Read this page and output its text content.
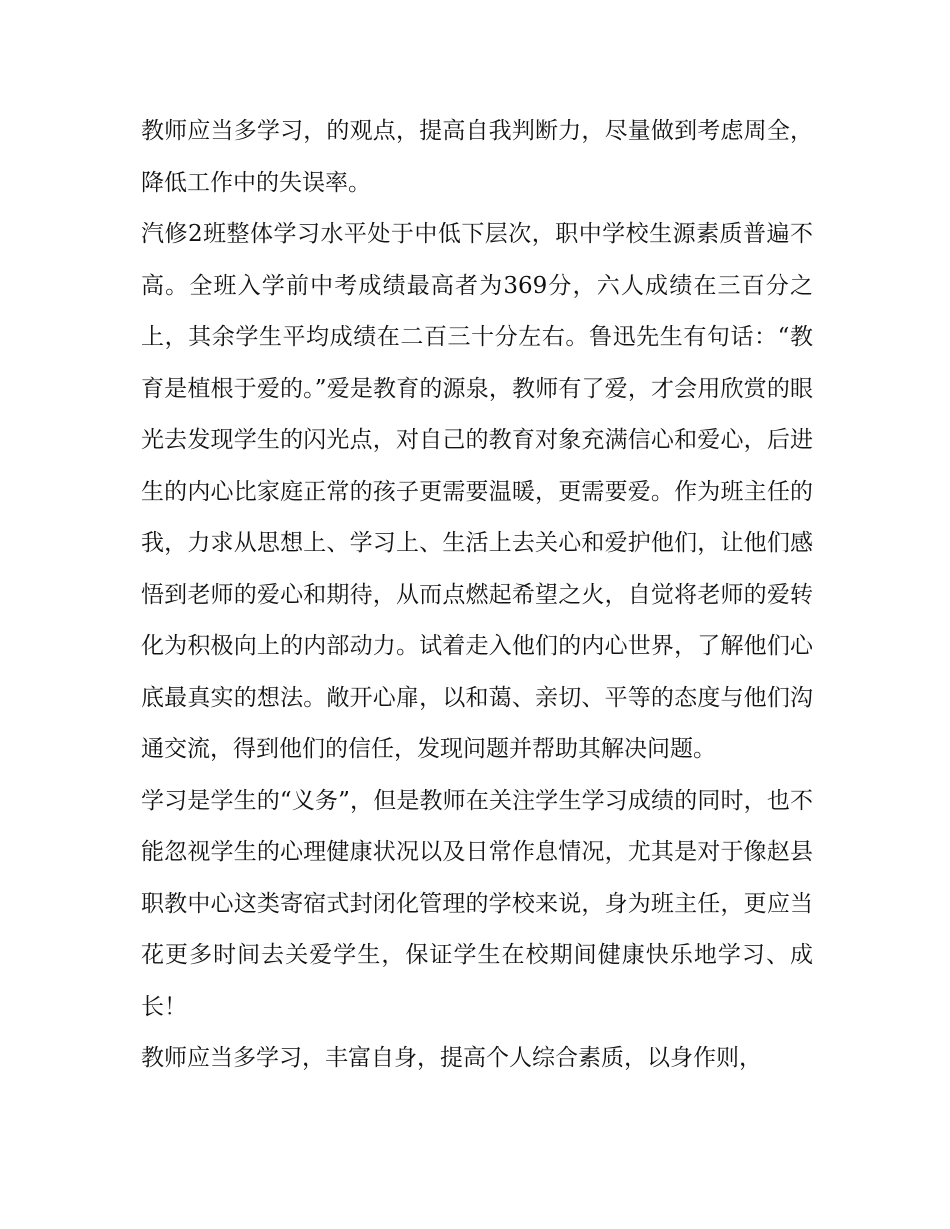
教师应当多学习，的观点，提高自我判断力，尽量做到考虑周全，降低工作中的失误率。

汽修2班整体学习水平处于中低下层次，职中学校生源素质普遍不高。全班入学前中考成绩最高者为369分，六人成绩在三百分之上，其余学生平均成绩在二百三十分左右。鲁迅先生有句话：“教育是植根于爱的。”爱是教育的源泉，教师有了爱，才会用欣赏的眼光去发现学生的闪光点，对自己的教育对象充满信心和爱心，后进生的内心比家庭正常的孩子更需要温暖，更需要爱。作为班主任的我，力求从思想上、学习上、生活上去关心和爱护他们，让他们感悟到老师的爱心和期待，从而点燃起希望之火，自觉将老师的爱转化为积极向上的内部动力。试着走入他们的内心世界，了解他们心底最真实的想法。敞开心扉，以和蔼、亲切、平等的态度与他们沟通交流，得到他们的信任，发现问题并帮助其解决问题。

学习是学生的“义务”，但是教师在关注学生学习成绩的同时，也不能忽视学生的心理健康状况以及日常作息情况，尤其是对于像赵县职教中心这类寄宿式封闭化管理的学校来说，身为班主任，更应当花更多时间去关爱学生，保证学生在校期间健康快乐地学习、成长！

教师应当多学习，丰富自身，提高个人综合素质，以身作则，
